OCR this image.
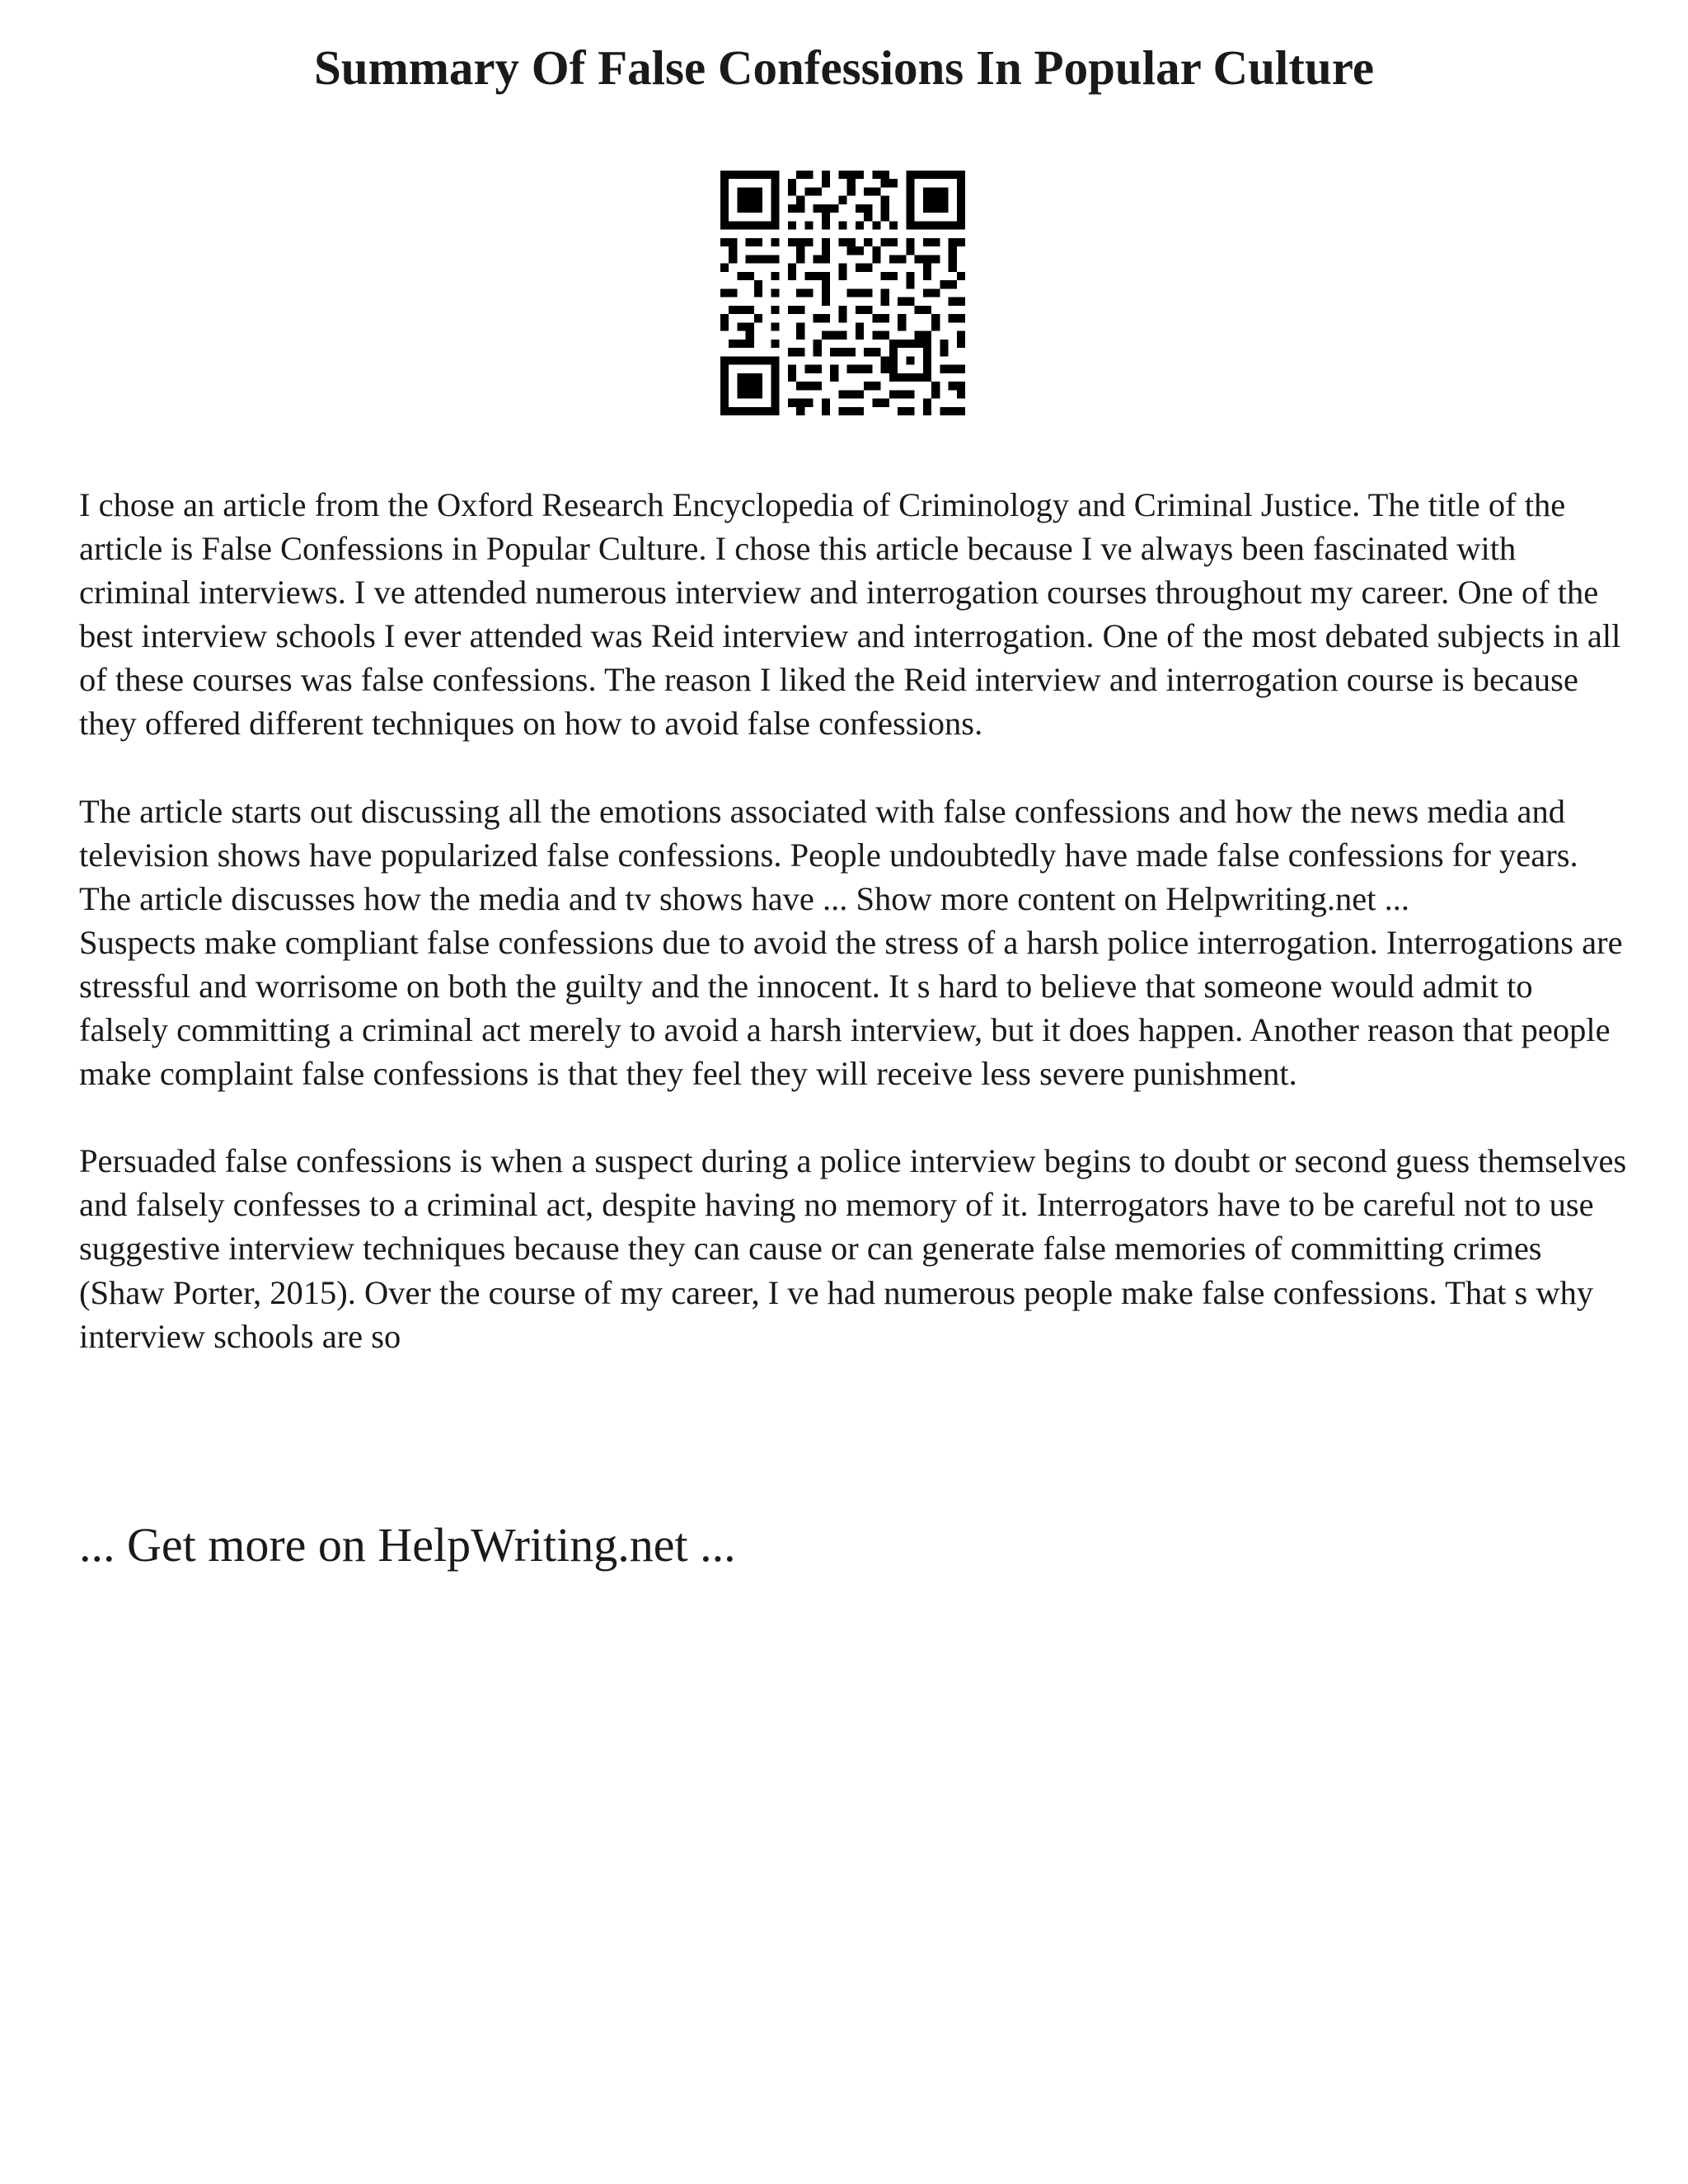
Summary Of False Confessions In Popular Culture

I chose an article from the Oxford Research Encyclopedia of Criminology and Criminal Justice. The title of the article is False Confessions in Popular Culture. I chose this article because I ve always been fascinated with criminal interviews. I ve attended numerous interview and interrogation courses throughout my career. One of the best interview schools I ever attended was Reid interview and interrogation. One of the most debated subjects in all of these courses was false confessions. The reason I liked the Reid interview and interrogation course is because they offered different techniques on how to avoid false confessions.

The article starts out discussing all the emotions associated with false confessions and how the news media and television shows have popularized false confessions. People undoubtedly have made false confessions for years. The article discusses how the media and tv shows have ... Show more content on Helpwriting.net ...

Suspects make compliant false confessions due to avoid the stress of a harsh police interrogation. Interrogations are stressful and worrisome on both the guilty and the innocent. It s hard to believe that someone would admit to falsely committing a criminal act merely to avoid a harsh interview, but it does happen. Another reason that people make complaint false confessions is that they feel they will receive less severe punishment.

Persuaded false confessions is when a suspect during a police interview begins to doubt or second guess themselves and falsely confesses to a criminal act, despite having no memory of it. Interrogators have to be careful not to use suggestive interview techniques because they can cause or can generate false memories of committing crimes (Shaw Porter, 2015). Over the course of my career, I ve had numerous people make false confessions. That s why interview schools are so

... Get more on HelpWriting.net ...
